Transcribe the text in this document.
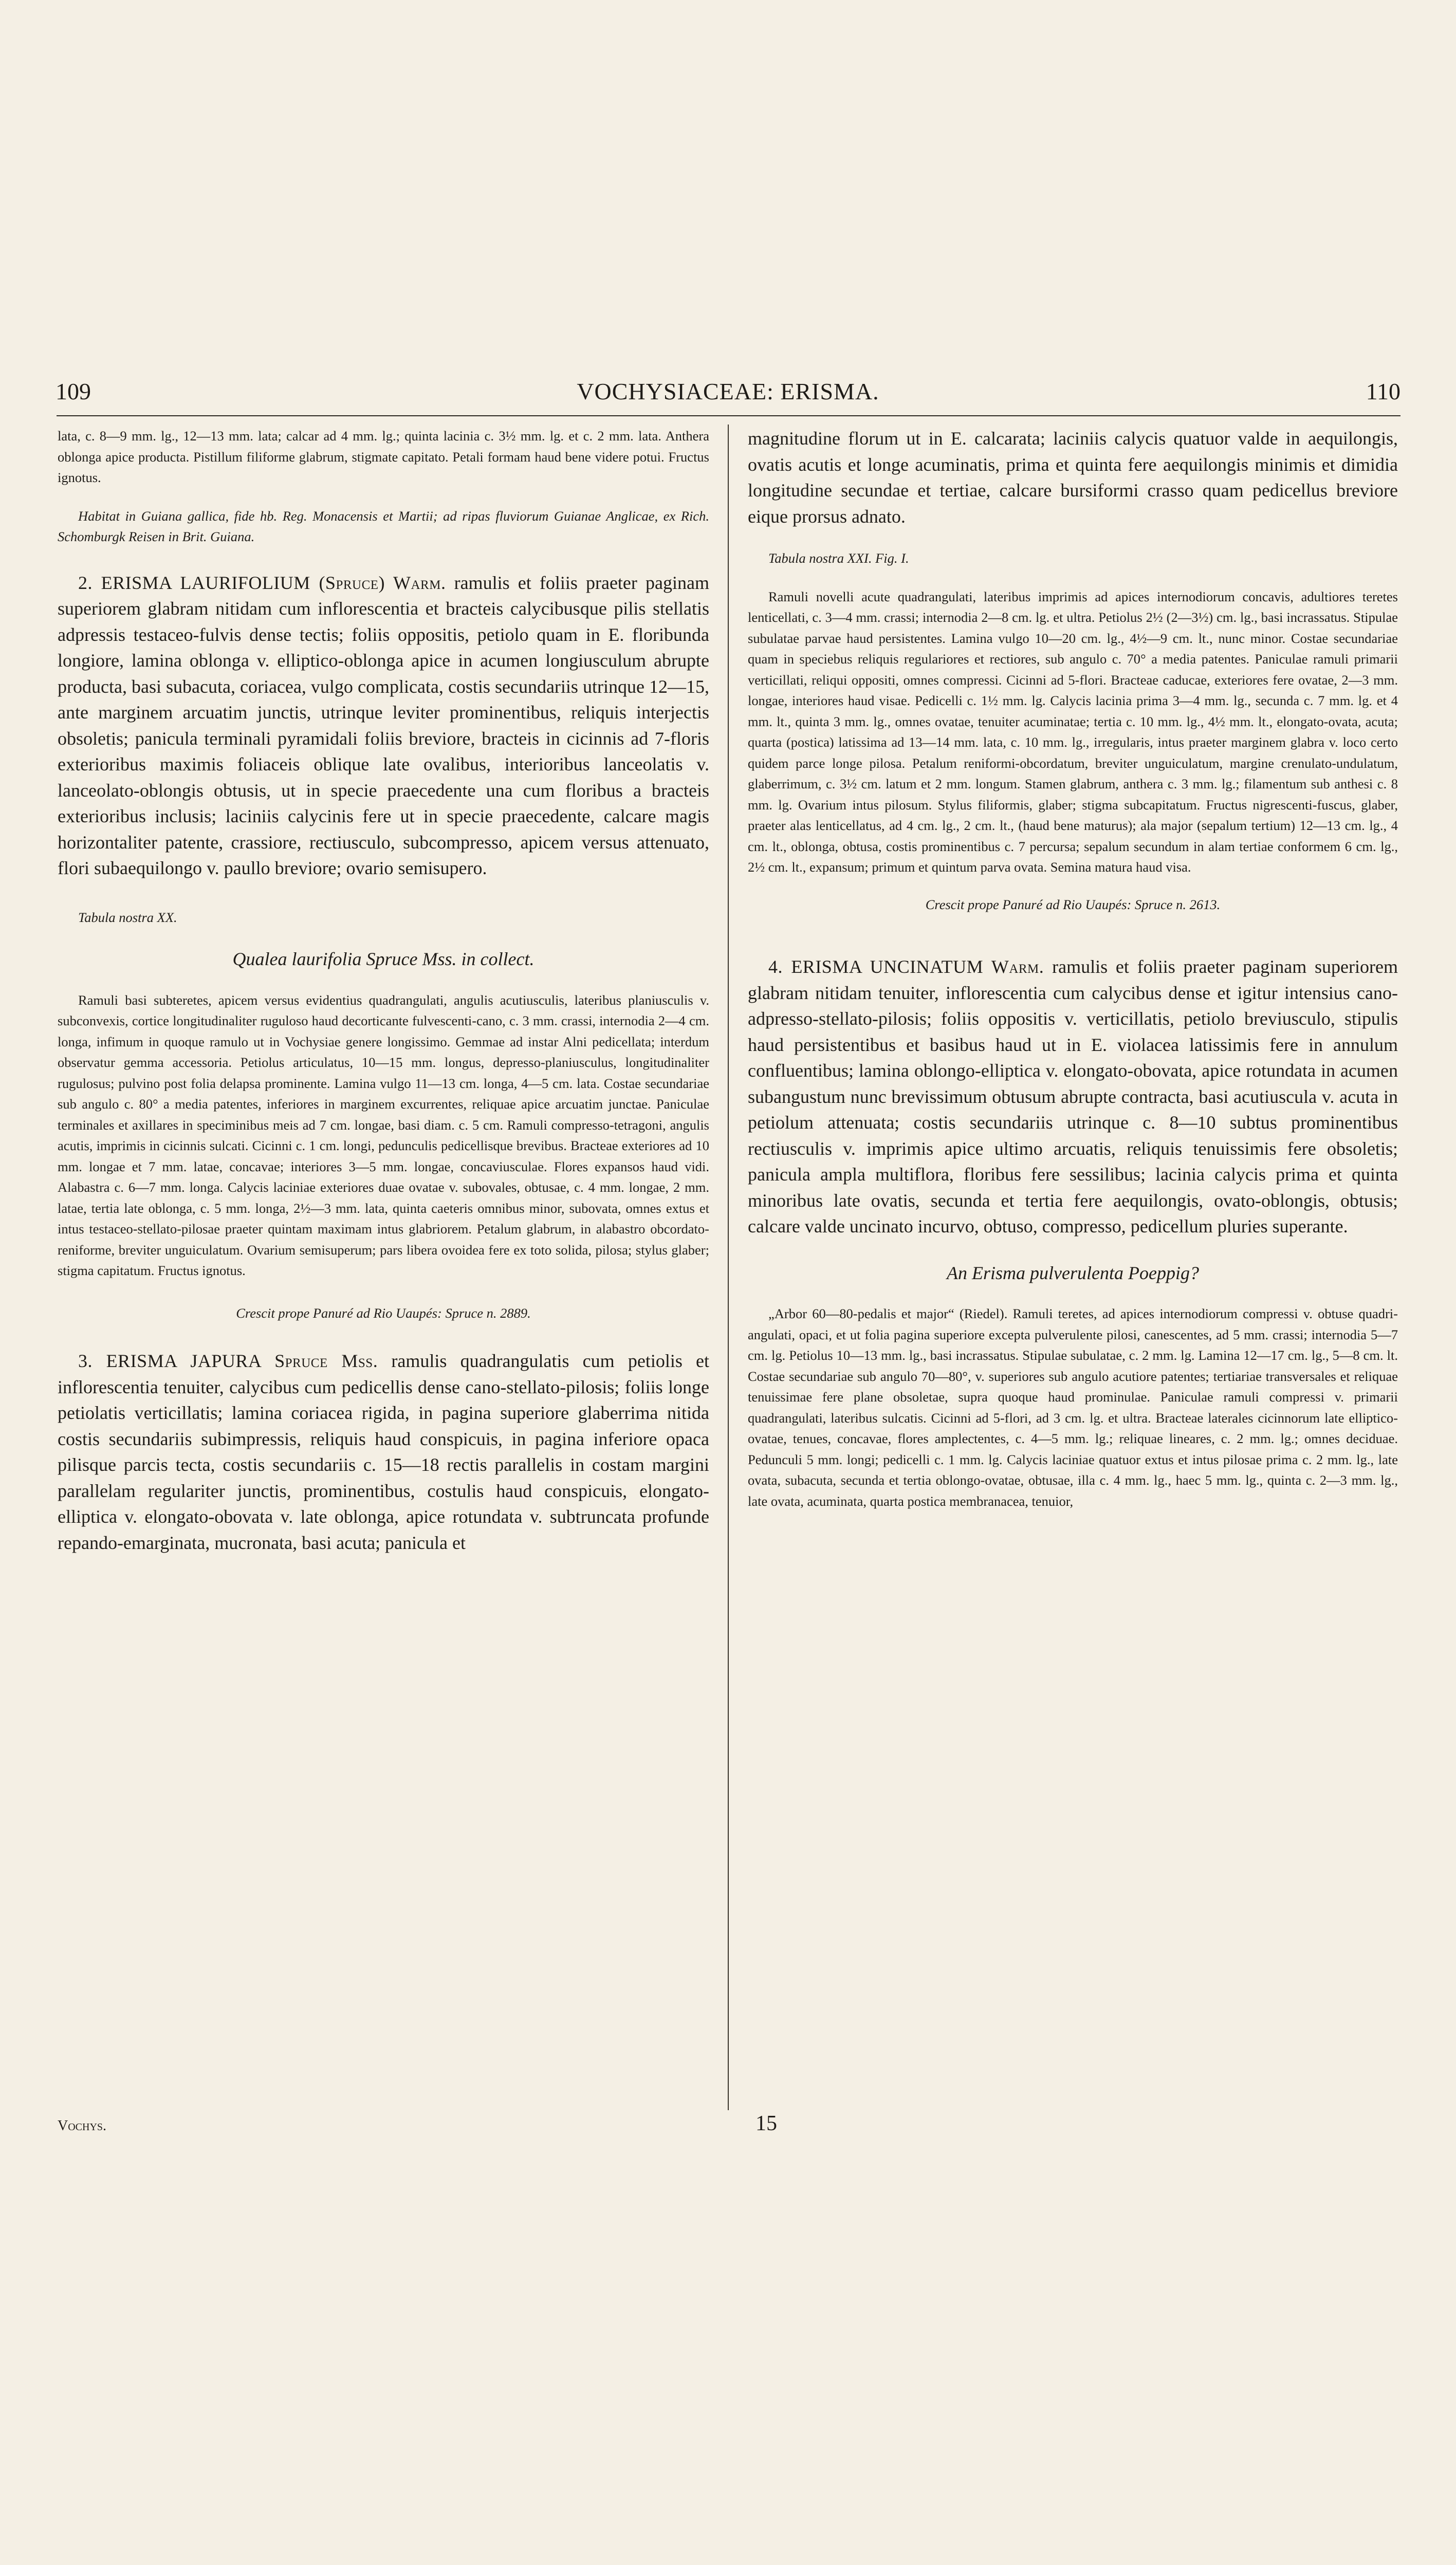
109	VOCHYSIACEAE: ERISMA.	110

lata, c. 8—9 mm. lg., 12—13 mm. lata; calcar ad 4 mm. lg.; quinta lacinia c. 3½ mm. lg. et c. 2 mm. lata. Anthera oblonga apice producta. Pistillum filiforme glabrum, stigmate capitato. Petali formam haud bene videre potui. Fructus ignotus.

Habitat in Guiana gallica, fide hb. Reg. Monacensis et Martii; ad ripas fluviorum Guianae Anglicae, ex Rich. Schomburgk Reisen in Brit. Guiana.

2. ERISMA LAURIFOLIUM (Spruce) Warm. ramulis et foliis praeter paginam superiorem glabram nitidam cum inflorescentia et bracteis calycibusque pilis stellatis adpressis testaceo-fulvis dense tectis; foliis oppositis, petiolo quam in E. floribunda longiore, lamina oblonga v. elliptico-oblonga apice in acumen longiusculum abrupte producta, basi subacuta, coriacea, vulgo complicata, costis secundariis utrinque 12—15, ante marginem arcuatim junctis, utrinque leviter prominentibus, reliquis interjectis obsoletis; panicula terminali pyramidali foliis breviore, bracteis in cicinnis ad 7-floris exterioribus maximis foliaceis oblique late ovalibus, interioribus lanceolatis v. lanceolato-oblongis obtusis, ut in specie praecedente una cum floribus a bracteis exterioribus inclusis; laciniis calycinis fere ut in specie praecedente, calcare magis horizontaliter patente, crassiore, rectiusculo, subcompresso, apicem versus attenuato, flori subaequilongo v. paullo breviore; ovario semisupero.

Tabula nostra XX.

Qualea laurifolia Spruce Mss. in collect.

Ramuli basi subteretes, apicem versus evidentius quadrangulati, angulis acutiusculis, lateribus planiusculis v. subconvexis, cortice longitudinaliter ruguloso haud decorticante fulvescenti-cano, c. 3 mm. crassi, internodia 2—4 cm. longa, infimum in quoque ramulo ut in Vochysiae genere longissimo. Gemmae ad instar Alni pedicellata; interdum observatur gemma accessoria. Petiolus articulatus, 10—15 mm. longus, depresso-planiusculus, longitudinaliter rugulosus; pulvino post folia delapsa prominente. Lamina vulgo 11—13 cm. longa, 4—5 cm. lata. Costae secundariae sub angulo c. 80° a media patentes, inferiores in marginem excurrentes, reliquae apice arcuatim junctae. Paniculae terminales et axillares in speciminibus meis ad 7 cm. longae, basi diam. c. 5 cm. Ramuli compresso-tetragoni, angulis acutis, imprimis in cicinnis sulcati. Cicinni c. 1 cm. longi, pedunculis pedicellisque brevibus. Bracteae exteriores ad 10 mm. longae et 7 mm. latae, concavae; interiores 3—5 mm. longae, concaviusculae. Flores expansos haud vidi. Alabastra c. 6—7 mm. longa. Calycis laciniae exteriores duae ovatae v. subovales, obtusae, c. 4 mm. longae, 2 mm. latae, tertia late oblonga, c. 5 mm. longa, 2½—3 mm. lata, quinta caeteris omnibus minor, subovata, omnes extus et intus testaceo-stellato-pilosae praeter quintam maximam intus glabriorem. Petalum glabrum, in alabastro obcordato-reniforme, breviter unguiculatum. Ovarium semisuperum; pars libera ovoidea fere ex toto solida, pilosa; stylus glaber; stigma capitatum. Fructus ignotus.

Crescit prope Panuré ad Rio Uaupés: Spruce n. 2889.

3. ERISMA JAPURA Spruce Mss. ramulis quadrangulatis cum petiolis et inflorescentia tenuiter, calycibus cum pedicellis dense cano-stellato-pilosis; foliis longe petiolatis verticillatis; lamina coriacea rigida, in pagina superiore glaberrima nitida costis secundariis subimpressis, reliquis haud conspicuis, in pagina inferiore opaca pilisque parcis tecta, costis secundariis c. 15—18 rectis parallelis in costam margini parallelam regulariter junctis, prominentibus, costulis haud conspicuis, elongato-elliptica v. elongato-obovata v. late oblonga, apice rotundata v. subtruncata profunde repando-emarginata, mucronata, basi acuta; panicula et

magnitudine florum ut in E. calcarata; laciniis calycis quatuor valde in aequilongis, ovatis acutis et longe acuminatis, prima et quinta fere aequilongis minimis et dimidia longitudine secundae et tertiae, calcare bursiformi crasso quam pedicellus breviore eique prorsus adnato.

Tabula nostra XXI. Fig. I.

Ramuli novelli acute quadrangulati, lateribus imprimis ad apices internodiorum concavis, adultiores teretes lenticellati, c. 3—4 mm. crassi; internodia 2—8 cm. lg. et ultra. Petiolus 2½ (2—3½) cm. lg., basi incrassatus. Stipulae subulatae parvae haud persistentes. Lamina vulgo 10—20 cm. lg., 4½—9 cm. lt., nunc minor. Costae secundariae quam in speciebus reliquis regulariores et rectiores, sub angulo c. 70° a media patentes. Paniculae ramuli primarii verticillati, reliqui oppositi, omnes compressi. Cicinni ad 5-flori. Bracteae caducae, exteriores fere ovatae, 2—3 mm. longae, interiores haud visae. Pedicelli c. 1½ mm. lg. Calycis lacinia prima 3—4 mm. lg., secunda c. 7 mm. lg. et 4 mm. lt., quinta 3 mm. lg., omnes ovatae, tenuiter acuminatae; tertia c. 10 mm. lg., 4½ mm. lt., elongato-ovata, acuta; quarta (postica) latissima ad 13—14 mm. lata, c. 10 mm. lg., irregularis, intus praeter marginem glabra v. loco certo quidem parce longe pilosa. Petalum reniformi-obcordatum, breviter unguiculatum, margine crenulato-undulatum, glaberrimum, c. 3½ cm. latum et 2 mm. longum. Stamen glabrum, anthera c. 3 mm. lg.; filamentum sub anthesi c. 8 mm. lg. Ovarium intus pilosum. Stylus filiformis, glaber; stigma subcapitatum. Fructus nigrescenti-fuscus, glaber, praeter alas lenticellatus, ad 4 cm. lg., 2 cm. lt., (haud bene maturus); ala major (sepalum tertium) 12—13 cm. lg., 4 cm. lt., oblonga, obtusa, costis prominentibus c. 7 percursa; sepalum secundum in alam tertiae conformem 6 cm. lg., 2½ cm. lt., expansum; primum et quintum parva ovata. Semina matura haud visa.

Crescit prope Panuré ad Rio Uaupés: Spruce n. 2613.

4. ERISMA UNCINATUM Warm. ramulis et foliis praeter paginam superiorem glabram nitidam tenuiter, inflorescentia cum calycibus dense et igitur intensius cano-adpresso-stellato-pilosis; foliis oppositis v. verticillatis, petiolo breviusculo, stipulis haud persistentibus et basibus haud ut in E. violacea latissimis fere in annulum confluentibus; lamina oblongo-elliptica v. elongato-obovata, apice rotundata in acumen subangustum nunc brevissimum obtusum abrupte contracta, basi acutiuscula v. acuta in petiolum attenuata; costis secundariis utrinque c. 8—10 subtus prominentibus rectiusculis v. imprimis apice ultimo arcuatis, reliquis tenuissimis fere obsoletis; panicula ampla multiflora, floribus fere sessilibus; lacinia calycis prima et quinta minoribus late ovatis, secunda et tertia fere aequilongis, ovato-oblongis, obtusis; calcare valde uncinato incurvo, obtuso, compresso, pedicellum pluries superante.

An Erisma pulverulenta Poeppig?

„Arbor 60—80-pedalis et major“ (Riedel). Ramuli teretes, ad apices internodiorum compressi v. obtuse quadri-angulati, opaci, et ut folia pagina superiore excepta pulverulente pilosi, canescentes, ad 5 mm. crassi; internodia 5—7 cm. lg. Petiolus 10—13 mm. lg., basi incrassatus. Stipulae subulatae, c. 2 mm. lg. Lamina 12—17 cm. lg., 5—8 cm. lt. Costae secundariae sub angulo 70—80°, v. superiores sub angulo acutiore patentes; tertiariae transversales et reliquae tenuissimae fere plane obsoletae, supra quoque haud prominulae. Paniculae ramuli compressi v. primarii quadrangulati, lateribus sulcatis. Cicinni ad 5-flori, ad 3 cm. lg. et ultra. Bracteae laterales cicinnorum late elliptico-ovatae, tenues, concavae, flores amplectentes, c. 4—5 mm. lg.; reliquae lineares, c. 2 mm. lg.; omnes deciduae. Pedunculi 5 mm. longi; pedicelli c. 1 mm. lg. Calycis laciniae quatuor extus et intus pilosae prima c. 2 mm. lg., late ovata, subacuta, secunda et tertia oblongo-ovatae, obtusae, illa c. 4 mm. lg., haec 5 mm. lg., quinta c. 2—3 mm. lg., late ovata, acuminata, quarta postica membranacea, tenuior,

Vochys.	15
